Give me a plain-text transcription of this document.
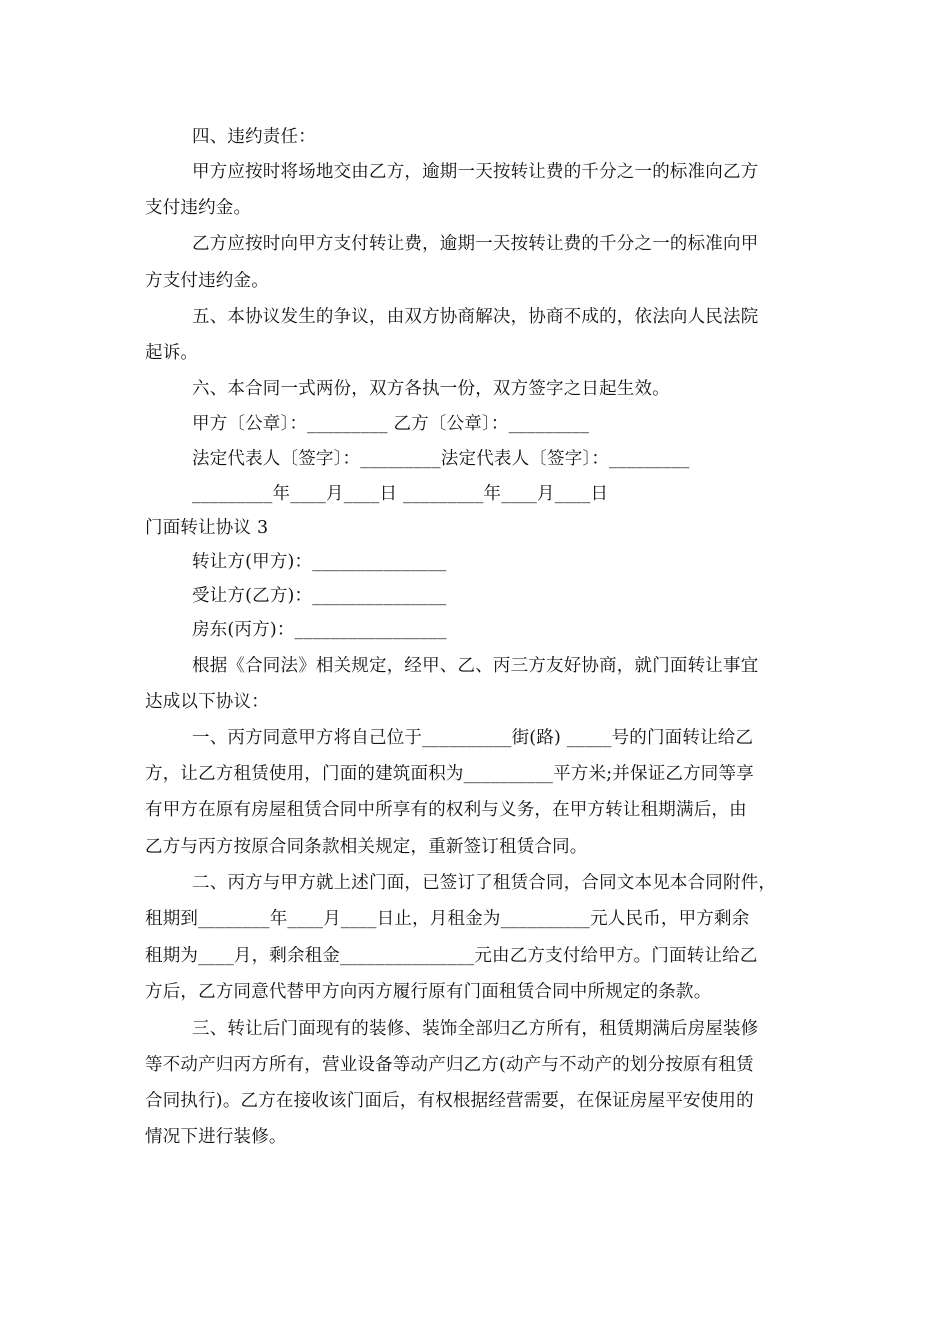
四、违约责任：

甲方应按时将场地交由乙方，逾期一天按转让费的千分之一的标准向乙方

支付违约金。

乙方应按时向甲方支付转让费，逾期一天按转让费的千分之一的标准向甲

方支付违约金。

五、本协议发生的争议，由双方协商解决，协商不成的，依法向人民法院

起诉。

六、本合同一式两份，双方各执一份，双方签字之日起生效。

甲方〔公章〕：_________ 乙方〔公章〕：_________

法定代表人〔签字〕：_________法定代表人〔签字〕：_________

_________年____月____日 _________年____月____日

门面转让协议 3

转让方(甲方)：_______________

受让方(乙方)：_______________

房东(丙方)：_________________

根据《合同法》相关规定，经甲、乙、丙三方友好协商，就门面转让事宜

达成以下协议：

一、丙方同意甲方将自己位于__________街(路) _____号的门面转让给乙

方，让乙方租赁使用，门面的建筑面积为__________平方米;并保证乙方同等享

有甲方在原有房屋租赁合同中所享有的权利与义务，在甲方转让租期满后，由

乙方与丙方按原合同条款相关规定，重新签订租赁合同。

二、丙方与甲方就上述门面，已签订了租赁合同，合同文本见本合同附件，

租期到________年____月____日止，月租金为__________元人民币，甲方剩余

租期为____月，剩余租金_______________元由乙方支付给甲方。门面转让给乙

方后，乙方同意代替甲方向丙方履行原有门面租赁合同中所规定的条款。

三、转让后门面现有的装修、装饰全部归乙方所有，租赁期满后房屋装修

等不动产归丙方所有，营业设备等动产归乙方(动产与不动产的划分按原有租赁

合同执行)。乙方在接收该门面后，有权根据经营需要，在保证房屋平安使用的

情况下进行装修。
